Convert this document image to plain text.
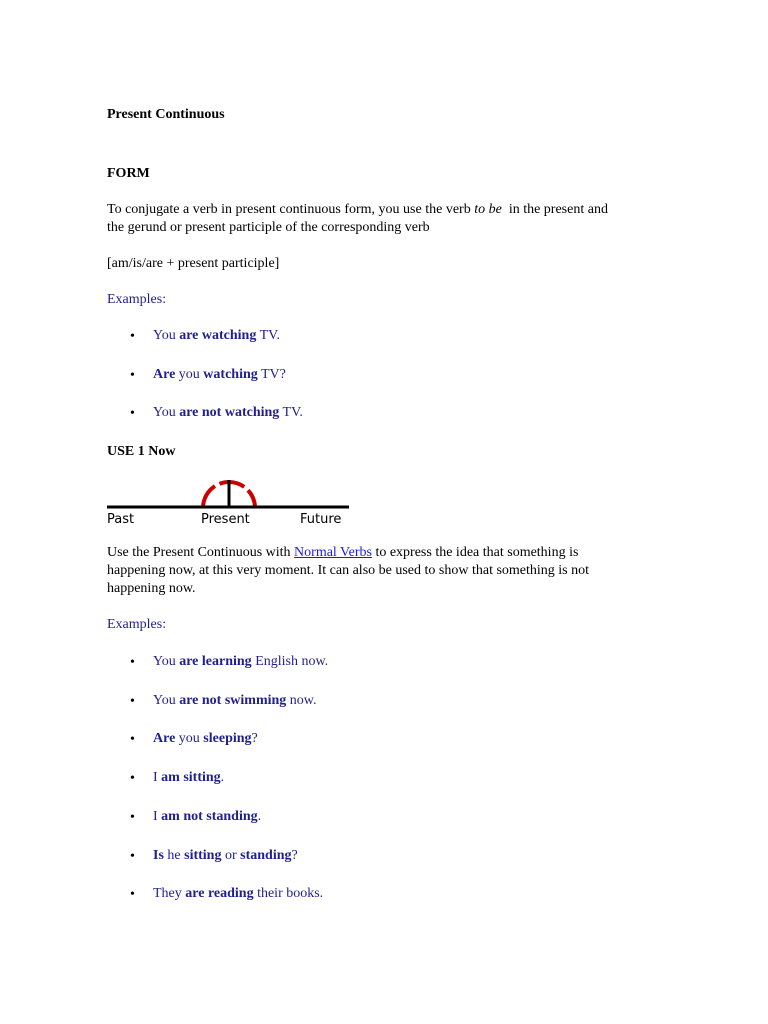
Present Continuous
FORM
To conjugate a verb in present continuous form, you use the verb to be  in the present and
the gerund or present participle of the corresponding verb
[am/is/are + present participle]
Examples:
• You are watching TV.
• Are you watching TV?
• You are not watching TV.
USE 1 Now
Past	Present	Future
Use the Present Continuous with Normal Verbs to express the idea that something is
happening now, at this very moment. It can also be used to show that something is not
happening now.
Examples:
• You are learning English now.
• You are not swimming now.
• Are you sleeping?
• I am sitting.
• I am not standing.
• Is he sitting or standing?
• They are reading their books.
